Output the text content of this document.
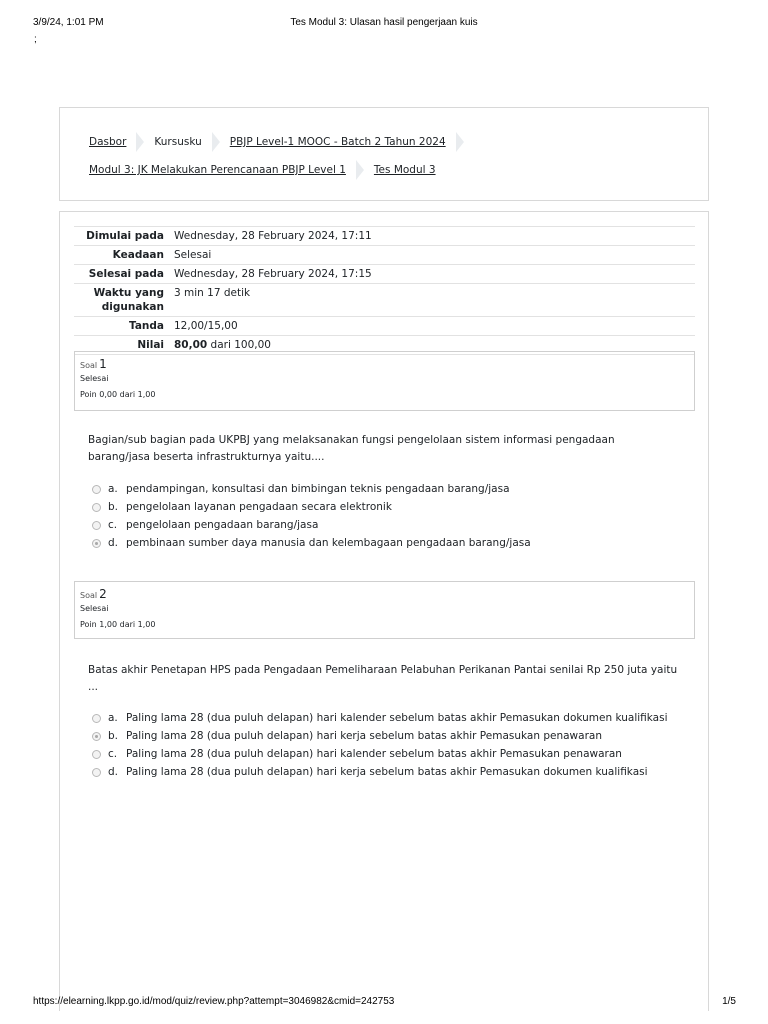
3/9/24, 1:01 PM	Tes Modul 3: Ulasan hasil pengerjaan kuis
;
Dasbor	Kursusku	PBJP Level-1 MOOC - Batch 2 Tahun 2024
Modul 3: JK Melakukan Perencanaan PBJP Level 1	Tes Modul 3
Dimulai pada Wednesday, 28 February 2024, 17:11
Keadaan Selesai
Selesai pada Wednesday, 28 February 2024, 17:15
Waktu yang digunakan
3 min 17 detik
Tanda 12,00/15,00
Nilai 80,00 dari 100,00
Soal 1
Selesai
Poin 0,00 dari 1,00
Bagian/sub bagian pada UKPBJ yang melaksanakan fungsi pengelolaan sistem informasi pengadaan barang/jasa beserta infrastrukturnya yaitu....
a. pendampingan, konsultasi dan bimbingan teknis pengadaan barang/jasa
b. pengelolaan layanan pengadaan secara elektronik
c. pengelolaan pengadaan barang/jasa
d. pembinaan sumber daya manusia dan kelembagaan pengadaan barang/jasa
Soal 2
Selesai
Poin 1,00 dari 1,00
Batas akhir Penetapan HPS pada Pengadaan Pemeliharaan Pelabuhan Perikanan Pantai senilai Rp 250 juta yaitu ...
a. Paling lama 28 (dua puluh delapan) hari kalender sebelum batas akhir Pemasukan dokumen kualifikasi
b. Paling lama 28 (dua puluh delapan) hari kerja sebelum batas akhir Pemasukan penawaran
c. Paling lama 28 (dua puluh delapan) hari kalender sebelum batas akhir Pemasukan penawaran
d. Paling lama 28 (dua puluh delapan) hari kerja sebelum batas akhir Pemasukan dokumen kualifikasi
https://elearning.lkpp.go.id/mod/quiz/review.php?attempt=3046982&cmid=242753	1/5
